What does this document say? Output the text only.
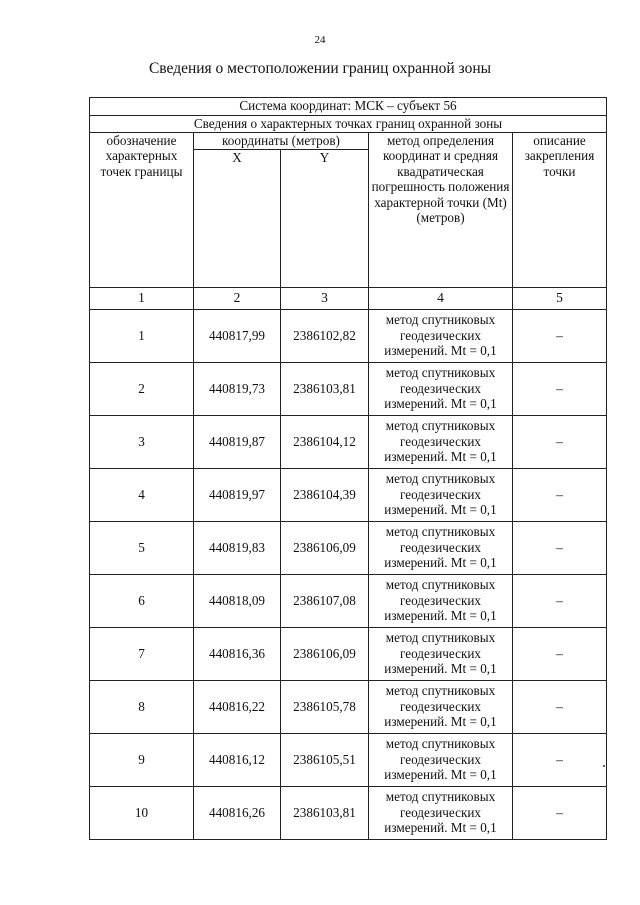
24
Сведения о местоположении границ охранной зоны
Система координат: МСК – субъект 56				
Сведения о характерных точках границ охранной зоны				
обозначение характерных точек границы	координаты (метров)		метод определения координат и средняя квадратическая погрешность положения характерной точки (Mt) (метров)	описание закрепления точки
	X	Y		
1	2	3	4	5
1	440817,99	2386102,82	метод спутниковых геодезических измерений. Mt = 0,1	–
2	440819,73	2386103,81	метод спутниковых геодезических измерений. Mt = 0,1	–
3	440819,87	2386104,12	метод спутниковых геодезических измерений. Mt = 0,1	–
4	440819,97	2386104,39	метод спутниковых геодезических измерений. Mt = 0,1	–
5	440819,83	2386106,09	метод спутниковых геодезических измерений. Mt = 0,1	–
6	440818,09	2386107,08	метод спутниковых геодезических измерений. Mt = 0,1	–
7	440816,36	2386106,09	метод спутниковых геодезических измерений. Mt = 0,1	–
8	440816,22	2386105,78	метод спутниковых геодезических измерений. Mt = 0,1	–
9	440816,12	2386105,51	метод спутниковых геодезических измерений. Mt = 0,1	–
10	440816,26	2386103,81	метод спутниковых геодезических измерений. Mt = 0,1	–
